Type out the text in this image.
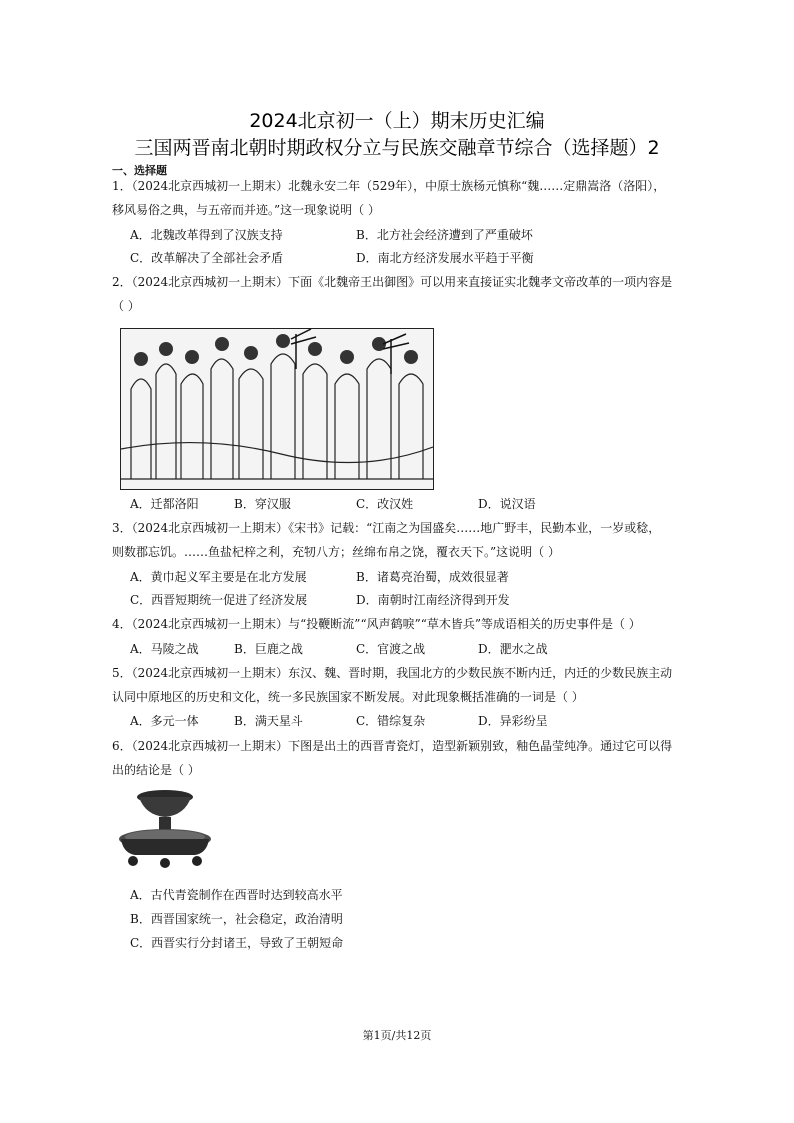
2024北京初一（上）期末历史汇编
三国两晋南北朝时期政权分立与民族交融章节综合（选择题）2
一、选择题
1．（2024北京西城初一上期末）北魏永安二年（529年），中原士族杨元慎称“魏……定鼎嵩洛（洛阳），
移风易俗之典，与五帝而并迹。”这一现象说明（ ）
A．北魏改革得到了汉族支持	B．北方社会经济遭到了严重破坏
C．改革解决了全部社会矛盾	D．南北方经济发展水平趋于平衡
2．（2024北京西城初一上期末）下面《北魏帝王出御图》可以用来直接证实北魏孝文帝改革的一项内容是
（ ）
A．迁都洛阳	B．穿汉服	C．改汉姓	D．说汉语
3．（2024北京西城初一上期末）《宋书》记载：“江南之为国盛矣……地广野丰，民勤本业，一岁或稔，
则数郡忘饥。……鱼盐杞梓之利，充牣八方；丝绵布帛之饶，覆衣天下。”这说明（ ）
A．黄巾起义军主要是在北方发展	B．诸葛亮治蜀，成效很显著
C．西晋短期统一促进了经济发展	D．南朝时江南经济得到开发
4．（2024北京西城初一上期末）与“投鞭断流”“风声鹤唳”“草木皆兵”等成语相关的历史事件是（ ）
A．马陵之战	B．巨鹿之战	C．官渡之战	D．淝水之战
5．（2024北京西城初一上期末）东汉、魏、晋时期，我国北方的少数民族不断内迁，内迁的少数民族主动
认同中原地区的历史和文化，统一多民族国家不断发展。对此现象概括准确的一词是（ ）
A．多元一体	B．满天星斗	C．错综复杂	D．异彩纷呈
6．（2024北京西城初一上期末）下图是出土的西晋青瓷灯，造型新颖别致，釉色晶莹纯净。通过它可以得
出的结论是（ ）
A．古代青瓷制作在西晋时达到较高水平
B．西晋国家统一，社会稳定，政治清明
C．西晋实行分封诸王，导致了王朝短命
第1页/共12页
